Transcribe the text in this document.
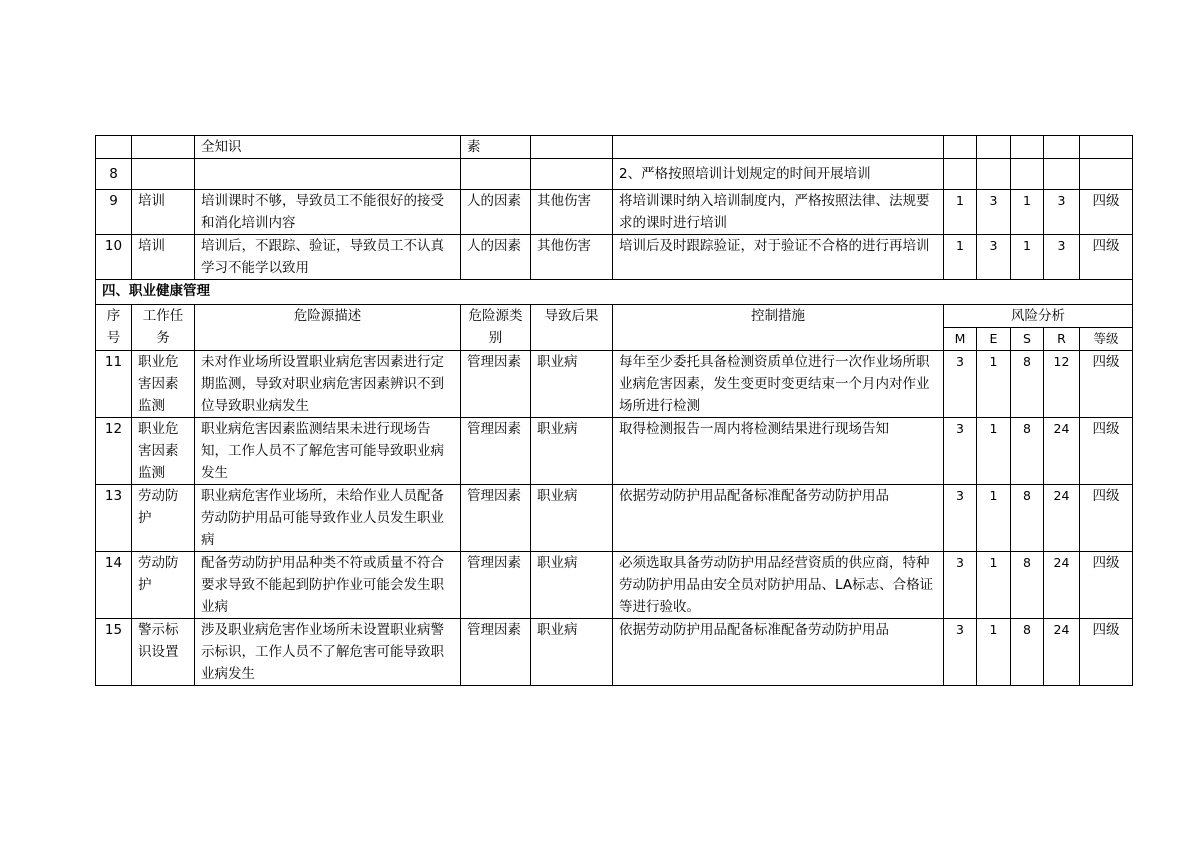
		全知识	素							
8					2、严格按照培训计划规定的时间开展培训					
9	培训	培训课时不够，导致员工不能很好的接受和消化培训内容	人的因素	其他伤害	将培训课时纳入培训制度内，严格按照法律、法规要求的课时进行培训	1	3	1	3	四级
10	培训	培训后，不跟踪、验证，导致员工不认真学习不能学以致用	人的因素	其他伤害	培训后及时跟踪验证，对于验证不合格的进行再培训	1	3	1	3	四级
四、职业健康管理										
序号	工作任务	危险源描述	危险源类别	导致后果	控制措施	风险分析				
						M	E	S	R	等级
11	职业危害因素监测	未对作业场所设置职业病危害因素进行定期监测，导致对职业病危害因素辨识不到位导致职业病发生	管理因素	职业病	每年至少委托具备检测资质单位进行一次作业场所职业病危害因素，发生变更时变更结束一个月内对作业场所进行检测	3	1	8	12	四级
12	职业危害因素监测	职业病危害因素监测结果未进行现场告知，工作人员不了解危害可能导致职业病发生	管理因素	职业病	取得检测报告一周内将检测结果进行现场告知	3	1	8	24	四级
13	劳动防护	职业病危害作业场所，未给作业人员配备劳动防护用品可能导致作业人员发生职业病	管理因素	职业病	依据劳动防护用品配备标准配备劳动防护用品	3	1	8	24	四级
14	劳动防护	配备劳动防护用品种类不符或质量不符合要求导致不能起到防护作业可能会发生职业病	管理因素	职业病	必须选取具备劳动防护用品经营资质的供应商，特种劳动防护用品由安全员对防护用品、LA标志、合格证等进行验收。	3	1	8	24	四级
15	警示标识设置	涉及职业病危害作业场所未设置职业病警示标识，工作人员不了解危害可能导致职业病发生	管理因素	职业病	依据劳动防护用品配备标准配备劳动防护用品	3	1	8	24	四级
